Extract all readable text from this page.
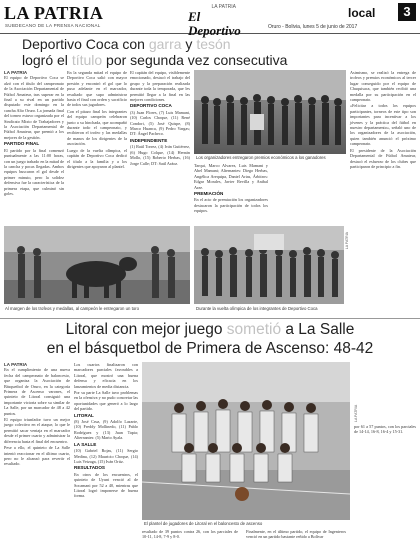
LA PATRIA
SUBDECANO DE LA PRENSA NACIONAL
LA PATRIA
El Deportivo
local	3
Oruro - Bolivia, lunes 5 de junio de 2017
Deportivo Coca con garra y tesón
logró el título por segunda vez consecutiva
LA PATRIA

El equipo de Deportivo Coca se alzó con el título del campeonato de la Asociación Departamental de Fútbol Amateur, tras superar en la final a su rival en un partido disputado este domingo en la cancha Alto Oruro. La jornada final del torneo estuvo organizada por el Sindicato Mixto de Trabajadores y la Asociación Departamental de Fútbol Amateur, que premió a los mejores de la gestión.

PARTIDO FINAL

El partido por la final comenzó puntualmente a las 11:00 horas, con un juego trabado en la mitad de la cancha y pocas llegadas. Ambos equipos buscaron el gol desde el primer minuto, pero la solidez defensiva fue la característica de la primera etapa, que culminó sin goles.

En la segunda mitad el equipo de Deportivo Coca salió con mayor presión y encontró el gol que lo puso adelante en el marcador, resultado que supo administrar hasta el final con orden y sacrificio de todos sus jugadores.

Con el pitazo final los integrantes del equipo campeón celebraron junto a su hinchada, que acompañó durante todo el campeonato, y recibieron el trofeo y las medallas de manos de los dirigentes de la asociación.

Luego de la vuelta olímpica, el capitán de Deportivo Coca dedicó el título a la familia y a los dirigentes que apoyaron al plantel.

El capitán del equipo, visiblemente emocionado, destacó el trabajo del grupo y la preparación realizada durante toda la temporada, que les permitió llegar a la final en las mejores condiciones.

DEPORTIVO COCA

(3) Juan Flores, (7) Luis Mamani, (10) Carlos Choque, (11) René Condori, (5) José Quispe, (8) Marco Huanca, (9) Pedro Vargas; DT: Ángel Pacheco.

INDEPENDIENTE

(1) Raúl Torrez, (4) Iván Gutiérrez, (6) Hugo Colque, (14) Hernán Mollo, (15) Roberto Herbas, (16) Jorge Calle; DT: Saúl Aráoz.

Los organizadores entregaron premios económicos a los ganadores

Tarqui, Marco Alvarez, Luis Mamani y Abel Mamani; Alternantes: Diego Herbas, Angélica Arequipa, Daniel Arias, Árbitros: Edgar Morales, Javier Revilla y Anibal Arze.

PREMIACIÓN

En el acto de premiación los organizadores destacaron la participación de todos los equipos.

Asimismo, se realizó la entrega de trofeos y premios económicos al tercer lugar conseguido por el equipo de Chuquisaca, que también recibió una medalla por su participación en el campeonato.

«Felicitar a todos los equipos participantes, torneos de este tipo son importantes para incentivar a los jóvenes y la práctica del fútbol en nuestro departamento», señaló uno de los organizadores de la asociación, quien también anunció el próximo campeonato.

El presidente de la Asociación Departamental de Fútbol Amateur, destacó el esfuerzo de los clubes que participaron de principio a fin.

Al margen de los trofeos y medallas, al campeón le entregaron un toro
LA PATRIA
Durante la vuelta olímpica de los integrantes de Deportivo Coca
Litoral con mejor juego sometió a La Salle
en el básquetbol de Primera de Ascenso: 48-42
LA PATRIA

En el cumplimiento de una nueva fecha del campeonato de baloncesto, que organiza la Asociación de Básquetbol de Oruro, en la categoría Primera de Ascenso varones, el quinteto de Litoral consiguió una importante victoria sobre su similar de La Salle, por un marcador de 48 a 42 puntos.

El equipo triunfador tuvo un mejor juego colectivo en el ataque, lo que le permitió sacar ventaja en el marcador desde el primer cuarto y administrar la diferencia hasta el final del encuentro.

Pese a ello, el quinteto de La Salle intentó reaccionar en el último cuarto, pero no le alcanzó para revertir el resultado.

Los cuartos finalizaron con marcadores parciales favorables a Litoral, que mostró una buena defensa y eficacia en los lanzamientos de media distancia.

Por su parte La Salle tuvo problemas en la ofensiva y no pudo concretar las oportunidades que generó a lo largo del partido.

LITORAL

(8) José Cruz, (9) Adolfo Lazarte, (10) Freddy Mollinedo, (11) Pablo Rodríguez y (13) Juan Tapia; Alternantes: (5) Mario Ayala.

LA SALLE

(10) Gabriel Rojas, (11) Sergio Medina, (12) Mauricio Choque, (14) Luis Veizaga, (15) Iván Ortiz.

RESULTADOS

En otros de los encuentros, el quinteto de Uyuni venció al de Socamani por 52 a 40, mientras que Litoral logró imponerse de buena forma.

El plantel de jugadores de Litoral en el baloncesto de ascenso

resultado de 39 puntos contra 26, con los parciales de 10-11, 14-8, 7-9 y 8-0.

Finalmente, en el último partido, el equipo de Ingenieros venció en un partido bastante reñido a Bolívar

LA PATRIA

por 61 a 57 puntos, con los parciales de 14-14, 16-8, 16-4 y 15-31.
